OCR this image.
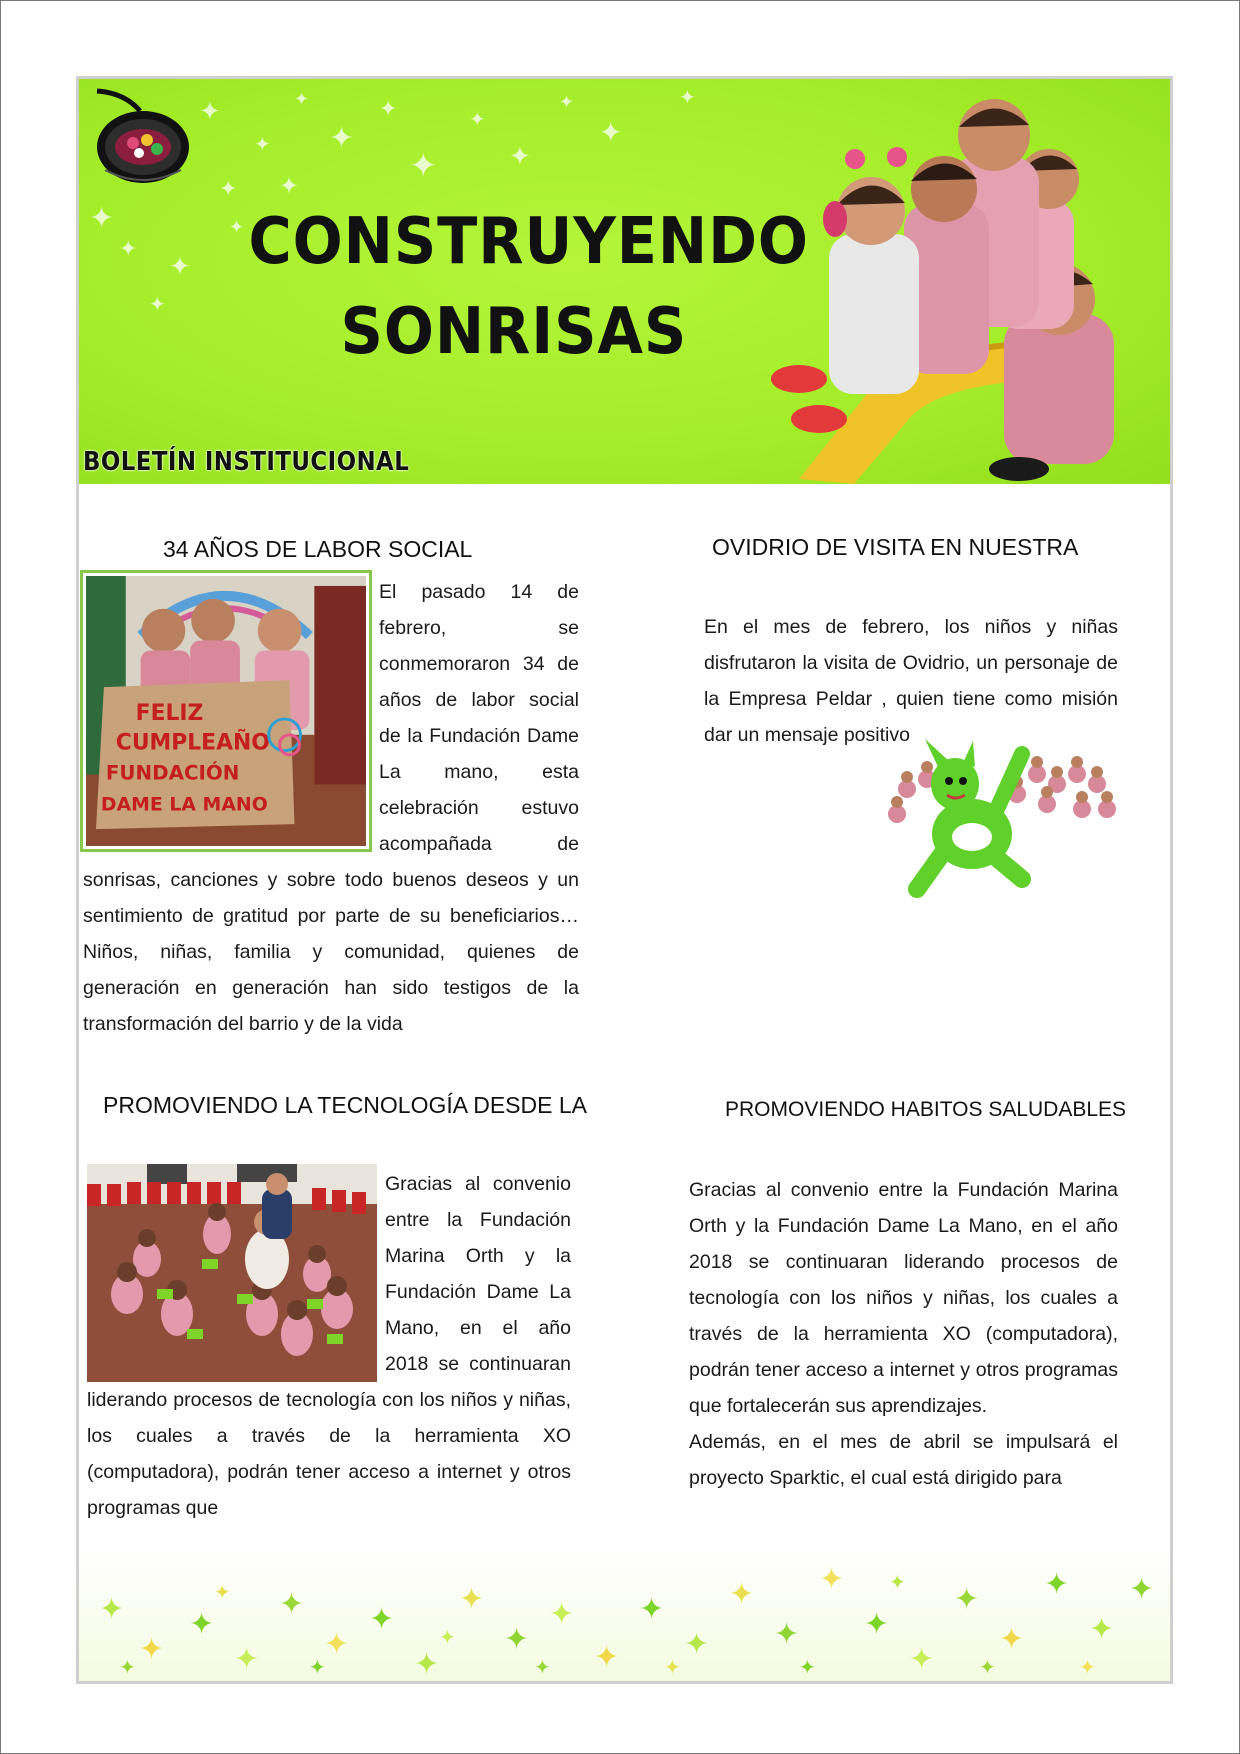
✦
✦
✦
✦
✦
✦
✦
✦
✦
✦
✦
✦
✦
✦
✦
✦
✦
✦
CONSTRUYENDO
SONRISAS
BOLETÍN INSTITUCIONAL
34 AÑOS DE LABOR SOCIAL
FELIZ
CUMPLEAÑO
FUNDACIÓN
DAME LA MANO

El pasado 14 de febrero, se conmemoraron 34 de años de labor social de la Fundación Dame La mano, esta celebración estuvo acompañada de sonrisas, canciones y sobre todo buenos deseos y un sentimiento de gratitud por parte de su beneficiarios… Niños, niñas, familia y comunidad, quienes de generación en generación han sido testigos de la transformación del barrio y de la vida

OVIDRIO DE VISITA EN NUESTRA

En el mes de febrero, los niños y niñas disfrutaron la visita de Ovidrio, un personaje de la Empresa Peldar , quien tiene como misión dar un mensaje positivo

PROMOVIENDO LA TECNOLOGÍA DESDE LA

Gracias al convenio entre la Fundación Marina Orth y la Fundación Dame La Mano, en el año 2018 se continuaran liderando procesos de tecnología con los niños y niñas, los cuales a través de la herramienta XO (computadora), podrán tener acceso a internet y otros programas que

PROMOVIENDO HABITOS SALUDABLES

Gracias al convenio entre la Fundación Marina Orth y la Fundación Dame La Mano, en el año 2018 se continuaran liderando procesos de tecnología con los niños y niñas, los cuales a través de la herramienta XO (computadora), podrán tener acceso a internet y otros programas que fortalecerán sus aprendizajes.

Además, en el mes de abril se impulsará el proyecto Sparktic, el cual está dirigido para

✦
✦
✦
✦
✦
✦
✦
✦
✦
✦
✦
✦
✦
✦
✦
✦
✦
✦
✦
✦
✦
✦
✦
✦
✦
✦
✦
✦
✦	✦	✦
✦
✦	✦
